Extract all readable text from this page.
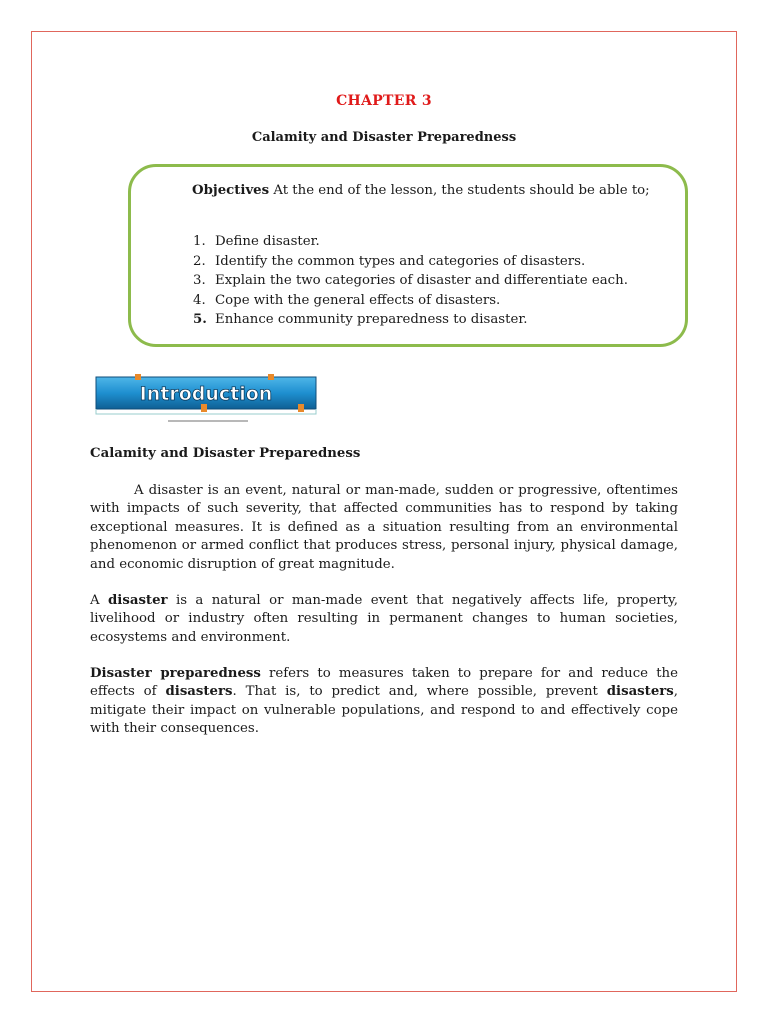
CHAPTER 3
Calamity and Disaster Preparedness
Objectives At the end of the lesson, the students should be able to;
1. Define disaster.
2. Identify the common types and categories of disasters.
3. Explain the two categories of disaster and differentiate each.
4. Cope with the general effects of disasters.
5. Enhance community preparedness to disaster.
Introduction
Calamity and Disaster Preparedness

A disaster is an event, natural or man-made, sudden or progressive, oftentimes with impacts of such severity, that affected communities has to respond by taking exceptional measures. It is defined as a situation resulting from an environmental phenomenon or armed conflict that produces stress, personal injury, physical damage, and economic disruption of great magnitude.

A disaster is a natural or man-made event that negatively affects life, property, livelihood or industry often resulting in permanent changes to human societies, ecosystems and environment.

Disaster preparedness refers to measures taken to prepare for and reduce the effects of disasters. That is, to predict and, where possible, prevent disasters, mitigate their impact on vulnerable populations, and respond to and effectively cope with their consequences.
